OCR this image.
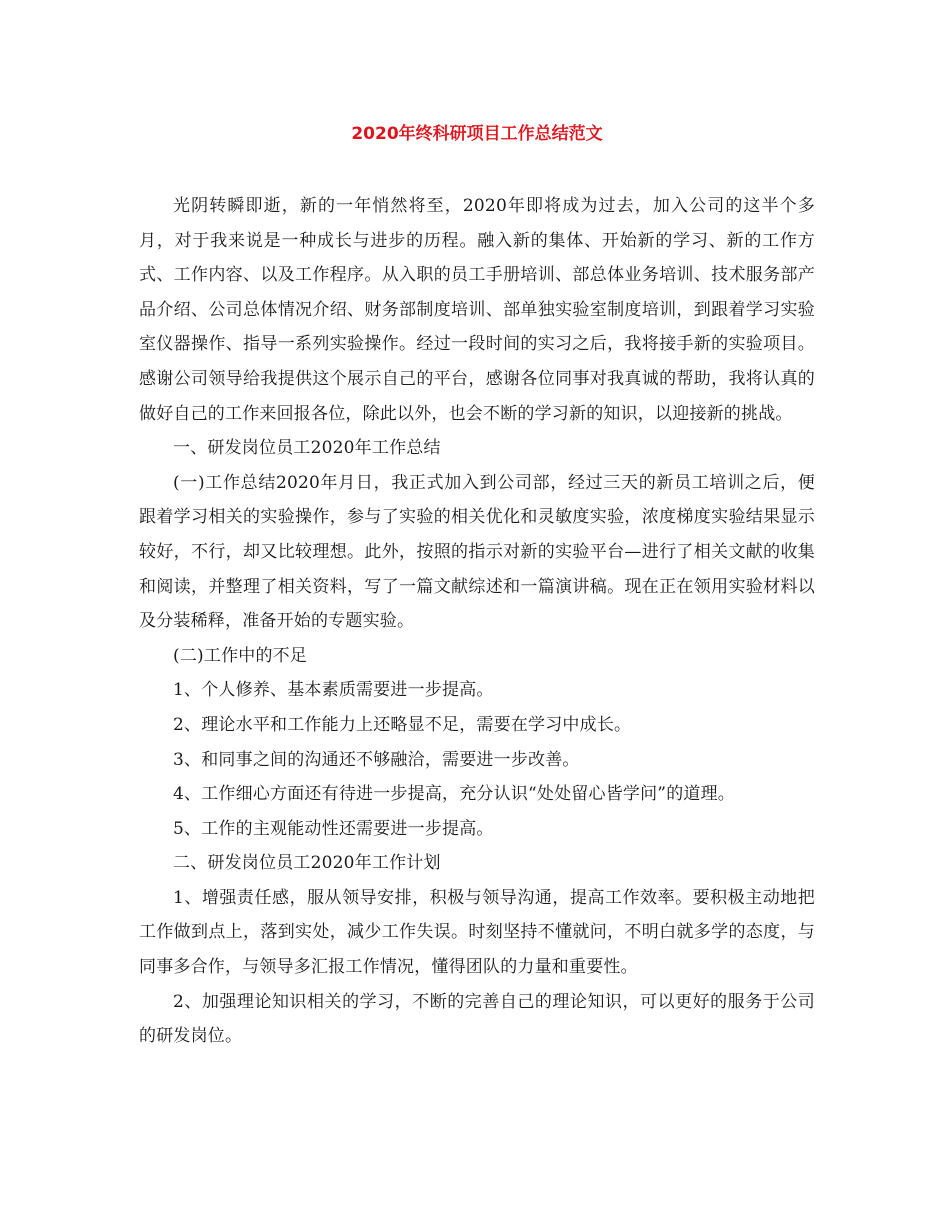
2020年终科研项目工作总结范文

光阴转瞬即逝，新的一年悄然将至，2020年即将成为过去，加入公司的这半个多月，对于我来说是一种成长与进步的历程。融入新的集体、开始新的学习、新的工作方式、工作内容、以及工作程序。从入职的员工手册培训、部总体业务培训、技术服务部产品介绍、公司总体情况介绍、财务部制度培训、部单独实验室制度培训，到跟着学习实验室仪器操作、指导一系列实验操作。经过一段时间的实习之后，我将接手新的实验项目。感谢公司领导给我提供这个展示自己的平台，感谢各位同事对我真诚的帮助，我将认真的做好自己的工作来回报各位，除此以外，也会不断的学习新的知识，以迎接新的挑战。

一、研发岗位员工2020年工作总结

(一)工作总结2020年月日，我正式加入到公司部，经过三天的新员工培训之后，便跟着学习相关的实验操作，参与了实验的相关优化和灵敏度实验，浓度梯度实验结果显示较好，不行，却又比较理想。此外，按照的指示对新的实验平台—进行了相关文献的收集和阅读，并整理了相关资料，写了一篇文献综述和一篇演讲稿。现在正在领用实验材料以及分装稀释，准备开始的专题实验。

(二)工作中的不足

1、个人修养、基本素质需要进一步提高。

2、理论水平和工作能力上还略显不足，需要在学习中成长。

3、和同事之间的沟通还不够融洽，需要进一步改善。

4、工作细心方面还有待进一步提高，充分认识“处处留心皆学问”的道理。

5、工作的主观能动性还需要进一步提高。

二、研发岗位员工2020年工作计划

1、增强责任感，服从领导安排，积极与领导沟通，提高工作效率。要积极主动地把工作做到点上，落到实处，减少工作失误。时刻坚持不懂就问，不明白就多学的态度，与同事多合作，与领导多汇报工作情况，懂得团队的力量和重要性。

2、加强理论知识相关的学习，不断的完善自己的理论知识，可以更好的服务于公司的研发岗位。
